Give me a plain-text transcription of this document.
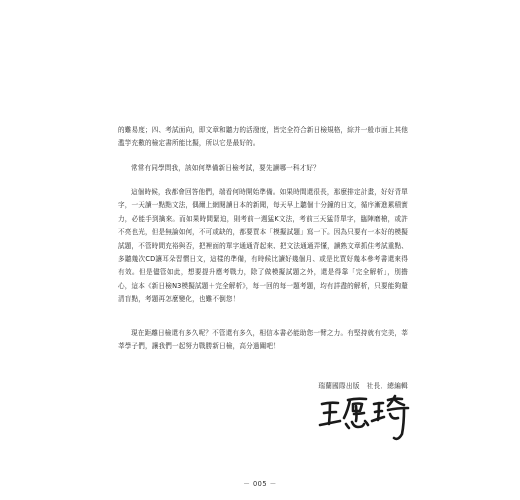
的難易度；四、考試面向，即文章和聽力的活潑度，皆完全符合新日檢規格，綜并一般市面上其他濫竽充數的檢定書所能比擬，所以它是最好的。

常常有同學問我，該如何準備新日檢考試，要先讀哪一科才好？

這個時候，我都會回答他們，端看何時開始準備。如果時間還很長，那麼排定計畫，好好背單字，一天讀一點點文法，偶爾上網閱讀日本的新聞，每天早上聽個十分鐘的日文，循序漸進累積實力，必能手到擒來。而如果時間緊迫，則考前一週猛K文法，考前三天猛背單字，臨陣磨槍，或許不亮也光，但是無論如何，不可或缺的，都要買本「模擬試題」寫一下。因為只要有一本好的模擬試題，不管時間充裕與否，把裡面的單字通通背起來、把文法通通弄懂，讀熟文章抓住考試重點、多聽幾次CD讓耳朵習慣日文，這樣的準備，有時候比讀好幾個月、或是比買好幾本參考書還來得有效。但是儘管如此，想要提升應考戰力，除了做模擬試題之外，還是得靠「完全解析」，別擔心，這本《新日檢N3模擬試題＋完全解析》，每一回的每一題考題，均有詳盡的解析，只要能夠釐清盲點，考題再怎麼變化，也難不倒您！

現在距離日檢還有多久呢？不管還有多久，相信本書必能助您一臂之力。有堅持就有完美，莘莘學子們，讓我們一起努力戰勝新日檢，高分過關吧！

瑞蘭國際出版　社長．總編輯
－ 005 －
